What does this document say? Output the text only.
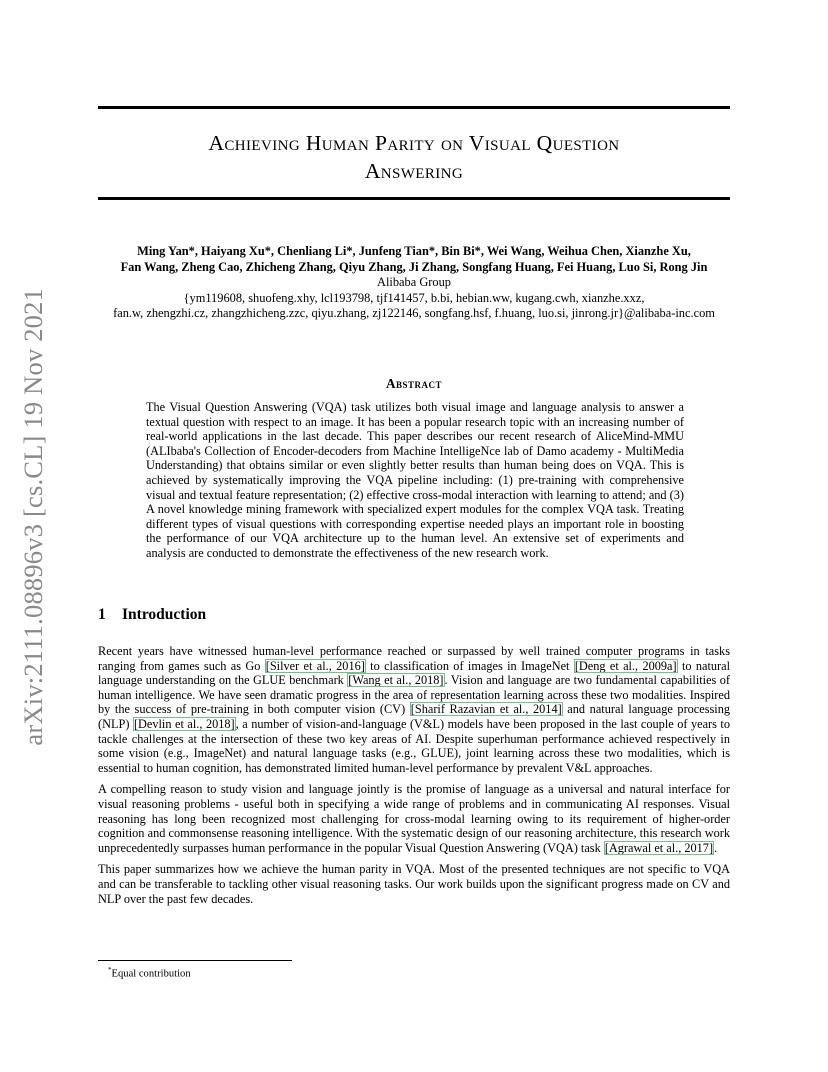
arXiv:2111.08896v3 [cs.CL] 19 Nov 2021
Achieving Human Parity on Visual Question
Answering
Ming Yan*, Haiyang Xu*, Chenliang Li*, Junfeng Tian*, Bin Bi*, Wei Wang, Weihua Chen, Xianzhe Xu,
Fan Wang, Zheng Cao, Zhicheng Zhang, Qiyu Zhang, Ji Zhang, Songfang Huang, Fei Huang, Luo Si, Rong Jin
Alibaba Group
{ym119608, shuofeng.xhy, lcl193798, tjf141457, b.bi, hebian.ww, kugang.cwh, xianzhe.xxz,
fan.w, zhengzhi.cz, zhangzhicheng.zzc, qiyu.zhang, zj122146, songfang.hsf, f.huang, luo.si, jinrong.jr}@alibaba-inc.com
Abstract

The Visual Question Answering (VQA) task utilizes both visual image and language analysis to answer a textual question with respect to an image. It has been a popular research topic with an increasing number of real-world applications in the last decade. This paper describes our recent research of AliceMind-MMU (ALIbaba's Collection of Encoder-decoders from Machine IntelligeNce lab of Damo academy - MultiMedia Understanding) that obtains similar or even slightly better results than human being does on VQA. This is achieved by systematically improving the VQA pipeline including: (1) pre-training with comprehensive visual and textual feature representation; (2) effective cross-modal interaction with learning to attend; and (3) A novel knowledge mining framework with specialized expert modules for the complex VQA task. Treating different types of visual questions with corresponding expertise needed plays an important role in boosting the performance of our VQA architecture up to the human level. An extensive set of experiments and analysis are conducted to demonstrate the effectiveness of the new research work.

1 Introduction

Recent years have witnessed human-level performance reached or surpassed by well trained computer programs in tasks ranging from games such as Go [Silver et al., 2016] to classification of images in ImageNet [Deng et al., 2009a] to natural language understanding on the GLUE benchmark [Wang et al., 2018]. Vision and language are two fundamental capabilities of human intelligence. We have seen dramatic progress in the area of representation learning across these two modalities. Inspired by the success of pre-training in both computer vision (CV) [Sharif Razavian et al., 2014] and natural language processing (NLP) [Devlin et al., 2018], a number of vision-and-language (V&L) models have been proposed in the last couple of years to tackle challenges at the intersection of these two key areas of AI. Despite superhuman performance achieved respectively in some vision (e.g., ImageNet) and natural language tasks (e.g., GLUE), joint learning across these two modalities, which is essential to human cognition, has demonstrated limited human-level performance by prevalent V&L approaches.

A compelling reason to study vision and language jointly is the promise of language as a universal and natural interface for visual reasoning problems - useful both in specifying a wide range of problems and in communicating AI responses. Visual reasoning has long been recognized most challenging for cross-modal learning owing to its requirement of higher-order cognition and commonsense reasoning intelligence. With the systematic design of our reasoning architecture, this research work unprecedentedly surpasses human performance in the popular Visual Question Answering (VQA) task [Agrawal et al., 2017].

This paper summarizes how we achieve the human parity in VQA. Most of the presented techniques are not specific to VQA and can be transferable to tackling other visual reasoning tasks. Our work builds upon the significant progress made on CV and NLP over the past few decades.

*Equal contribution
